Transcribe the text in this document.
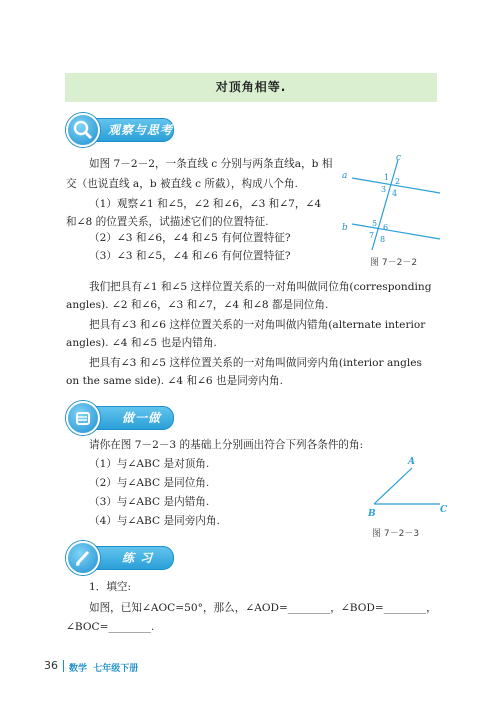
对顶角相等.
观察与思考
如图 7－2－2，一条直线 c 分别与两条直线a，b 相
交（也说直线 a，b 被直线 c 所截），构成八个角.
（1）观察∠1 和∠5，∠2 和∠6，∠3 和∠7，∠4
和∠8 的位置关系，试描述它们的位置特征.
（2）∠3 和∠6，∠4 和∠5 有何位置特征?
（3）∠3 和∠5，∠4 和∠6 有何位置特征?
a
b
c
1 2
3 4
5 6
7 8
图 7－2－2
我们把具有∠1 和∠5 这样位置关系的一对角叫做同位角(corresponding
angles). ∠2 和∠6，∠3 和∠7，∠4 和∠8 都是同位角.
把具有∠3 和∠6 这样位置关系的一对角叫做内错角(alternate interior
angles). ∠4 和∠5 也是内错角.
把具有∠3 和∠5 这样位置关系的一对角叫做同旁内角(interior angles
on the same side). ∠4 和∠6 也是同旁内角.
做一做
请你在图 7－2－3 的基础上分别画出符合下列各条件的角:
（1）与∠ABC 是对顶角.
（2）与∠ABC 是同位角.
（3）与∠ABC 是内错角.
（4）与∠ABC 是同旁内角.
A
B	C
图 7－2－3
练 习
1．填空:
如图，已知∠AOC=50°，那么，∠AOD=________，∠BOD=________，
∠BOC=________.
36 数学  七年级下册
